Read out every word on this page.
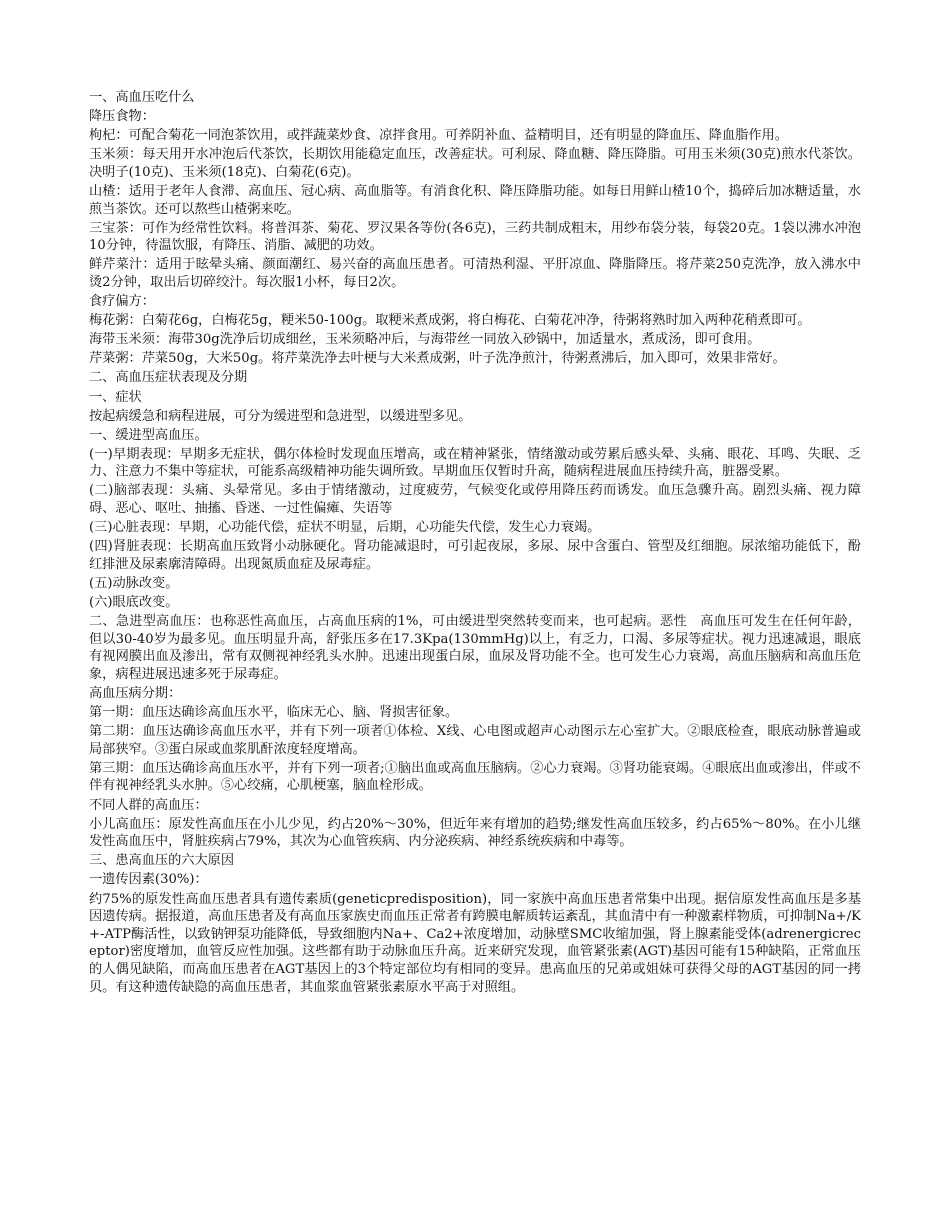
一、高血压吃什么

降压食物：

枸杞：可配合菊花一同泡茶饮用，或拌蔬菜炒食、凉拌食用。可养阴补血、益精明目，还有明显的降血压、降血脂作用。

玉米须：每天用开水冲泡后代茶饮，长期饮用能稳定血压，改善症状。可利尿、降血糖、降压降脂。可用玉米须(30克)煎水代茶饮。决明子(10克)、玉米须(18克)、白菊花(6克)。

山楂：适用于老年人食滞、高血压、冠心病、高血脂等。有消食化积、降压降脂功能。如每日用鲜山楂10个，捣碎后加冰糖适量，水煎当茶饮。还可以熬些山楂粥来吃。

三宝茶：可作为经常性饮料。将普洱茶、菊花、罗汉果各等份(各6克)，三药共制成粗末，用纱布袋分装，每袋20克。1袋以沸水冲泡10分钟，待温饮服，有降压、消脂、减肥的功效。

鲜芹菜汁：适用于眩晕头痛、颜面潮红、易兴奋的高血压患者。可清热利湿、平肝凉血、降脂降压。将芹菜250克洗净，放入沸水中烫2分钟，取出后切碎绞汁。每次服1小杯，每日2次。

食疗偏方：

梅花粥：白菊花6g，白梅花5g，粳米50-100g。取粳米煮成粥，将白梅花、白菊花冲净，待粥将熟时加入两种花稍煮即可。

海带玉米须：海带30g洗净后切成细丝，玉米须略冲后，与海带丝一同放入砂锅中，加适量水，煮成汤，即可食用。

芹菜粥：芹菜50g，大米50g。将芹菜洗净去叶梗与大米煮成粥，叶子洗净煎汁，待粥煮沸后，加入即可，效果非常好。

二、高血压症状表现及分期

一、症状

按起病缓急和病程进展，可分为缓进型和急进型，以缓进型多见。

一、缓进型高血压。

(一)早期表现：早期多无症状，偶尔体检时发现血压增高，或在精神紧张，情绪激动或劳累后感头晕、头痛、眼花、耳鸣、失眠、乏力、注意力不集中等症状，可能系高级精神功能失调所致。早期血压仅暂时升高，随病程进展血压持续升高，脏器受累。

(二)脑部表现：头痛、头晕常见。多由于情绪激动，过度疲劳，气候变化或停用降压药而诱发。血压急骤升高。剧烈头痛、视力障碍、恶心、呕吐、抽搐、昏迷、一过性偏瘫、失语等

(三)心脏表现：早期，心功能代偿，症状不明显，后期，心功能失代偿，发生心力衰竭。

(四)肾脏表现：长期高血压致肾小动脉硬化。肾功能减退时，可引起夜尿，多尿、尿中含蛋白、管型及红细胞。尿浓缩功能低下，酚红排泄及尿素廓清障碍。出现氮质血症及尿毒症。

(五)动脉改变。

(六)眼底改变。

二、急进型高血压：也称恶性高血压，占高血压病的1%，可由缓进型突然转变而来，也可起病。恶性　高血压可发生在任何年龄，但以30-40岁为最多见。血压明显升高，舒张压多在17.3Kpa(130mmHg)以上，有乏力，口渴、多尿等症状。视力迅速减退，眼底有视网膜出血及渗出，常有双侧视神经乳头水肿。迅速出现蛋白尿，血尿及肾功能不全。也可发生心力衰竭，高血压脑病和高血压危象，病程进展迅速多死于尿毒症。

高血压病分期：

第一期：血压达确诊高血压水平，临床无心、脑、肾损害征象。

第二期：血压达确诊高血压水平，并有下列一项者①体检、X线、心电图或超声心动图示左心室扩大。②眼底检查，眼底动脉普遍或局部狭窄。③蛋白尿或血浆肌酐浓度轻度增高。

第三期：血压达确诊高血压水平，并有下列一项者;①脑出血或高血压脑病。②心力衰竭。③肾功能衰竭。④眼底出血或渗出，伴或不伴有视神经乳头水肿。⑤心绞痛，心肌梗塞，脑血栓形成。

不同人群的高血压：

小儿高血压：原发性高血压在小儿少见，约占20%～30%，但近年来有增加的趋势;继发性高血压较多，约占65%～80%。在小儿继发性高血压中，肾脏疾病占79%，其次为心血管疾病、内分泌疾病、神经系统疾病和中毒等。

三、患高血压的六大原因

一遗传因素(30%)：

约75%的原发性高血压患者具有遗传素质(geneticpredisposition)，同一家族中高血压患者常集中出现。据信原发性高血压是多基因遗传病。据报道，高血压患者及有高血压家族史而血压正常者有跨膜电解质转运紊乱，其血清中有一种激素样物质，可抑制Na+/K+-ATP酶活性，以致钠钾泵功能降低，导致细胞内Na+、Ca2+浓度增加，动脉壁SMC收缩加强，肾上腺素能受体(adrenergicreceptor)密度增加，血管反应性加强。这些都有助于动脉血压升高。近来研究发现，血管紧张素(AGT)基因可能有15种缺陷，正常血压的人偶见缺陷，而高血压患者在AGT基因上的3个特定部位均有相同的变异。患高血压的兄弟或姐妹可获得父母的AGT基因的同一拷贝。有这种遗传缺隐的高血压患者，其血浆血管紧张素原水平高于对照组。
